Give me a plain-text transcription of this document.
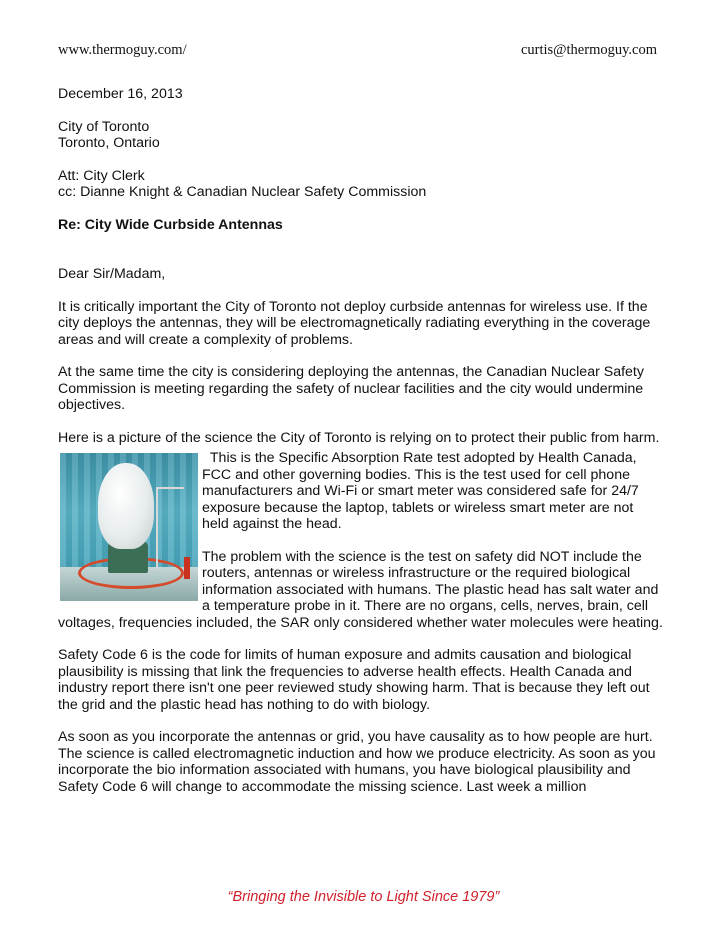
www.thermoguy.com/	curtis@thermoguy.com

December 16, 2013

City of Toronto

Toronto, Ontario

Att: City Clerk

cc: Dianne Knight & Canadian Nuclear Safety Commission

Re: City Wide Curbside Antennas

Dear Sir/Madam,

It is critically important the City of Toronto not deploy curbside antennas for wireless use. If the city deploys the antennas, they will be electromagnetically radiating everything in the coverage areas and will create a complexity of problems.

At the same time the city is considering deploying the antennas, the Canadian Nuclear Safety Commission is meeting regarding the safety of nuclear facilities and the city would undermine objectives.

Here is a picture of the science the City of Toronto is relying on to protect their public from harm.

This is the Specific Absorption Rate test adopted by Health Canada, FCC and other governing bodies. This is the test used for cell phone manufacturers and Wi-Fi or smart meter was considered safe for 24/7 exposure because the laptop, tablets or wireless smart meter are not held against the head.

The problem with the science is the test on safety did NOT include the routers, antennas or wireless infrastructure or the required biological information associated with humans. The plastic head has salt water and a temperature probe in it. There are no organs, cells, nerves, brain, cell voltages, frequencies included, the SAR only considered whether water molecules were heating.

Safety Code 6 is the code for limits of human exposure and admits causation and biological plausibility is missing that link the frequencies to adverse health effects. Health Canada and industry report there isn't one peer reviewed study showing harm. That is because they left out the grid and the plastic head has nothing to do with biology.

As soon as you incorporate the antennas or grid, you have causality as to how people are hurt. The science is called electromagnetic induction and how we produce electricity. As soon as you incorporate the bio information associated with humans, you have biological plausibility and Safety Code 6 will change to accommodate the missing science. Last week a million

“Bringing the Invisible to Light Since 1979”
